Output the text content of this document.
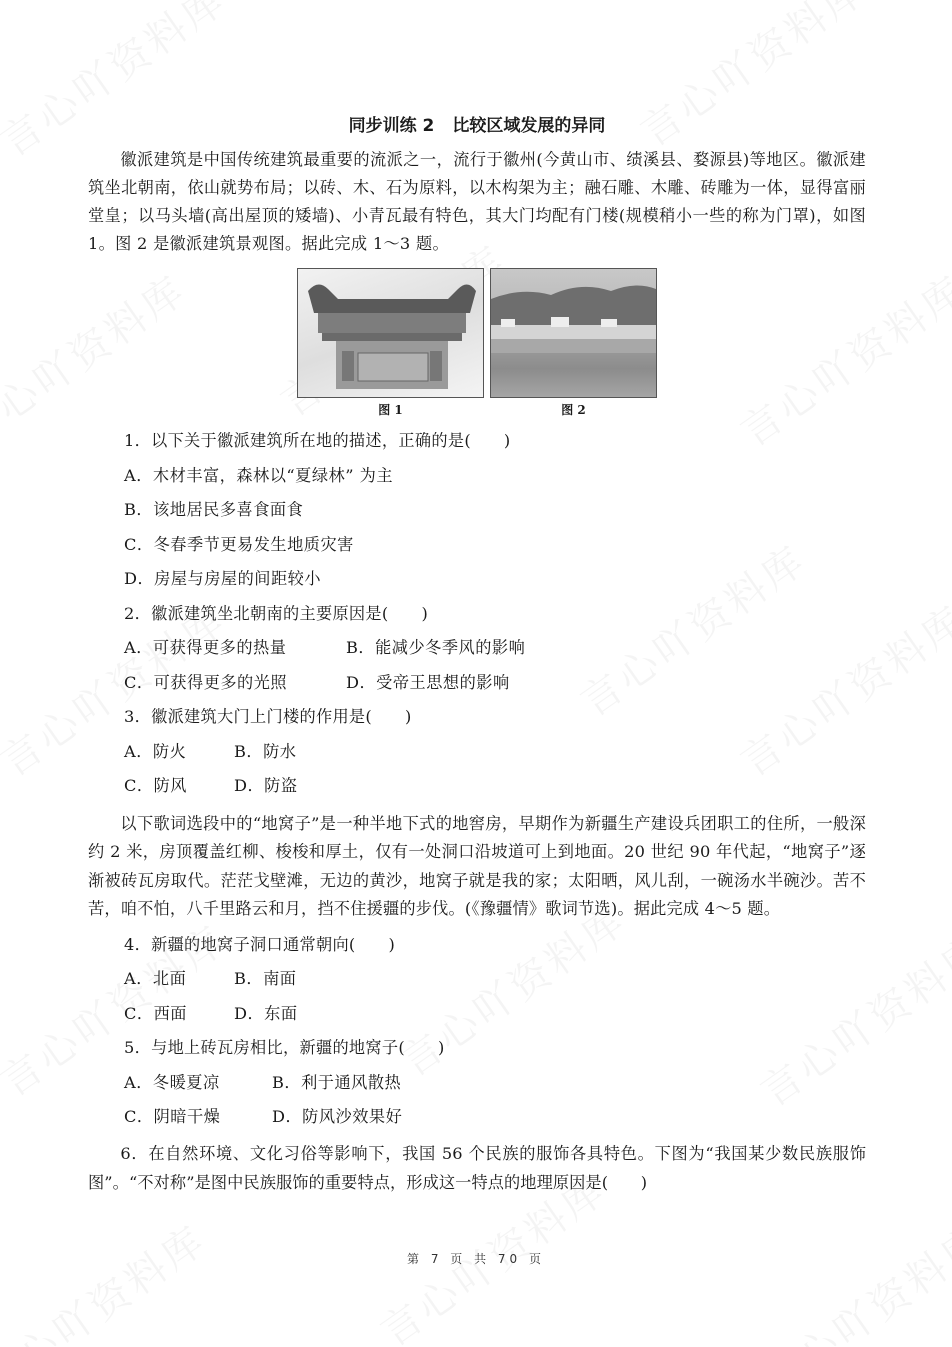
同步训练 2 比较区域发展的异同

徽派建筑是中国传统建筑最重要的流派之一，流行于徽州(今黄山市、绩溪县、婺源县)等地区。徽派建筑坐北朝南，依山就势布局；以砖、木、石为原料，以木构架为主；融石雕、木雕、砖雕为一体，显得富丽堂皇；以马头墙(高出屋顶的矮墙)、小青瓦最有特色，其大门均配有门楼(规模稍小一些的称为门罩)，如图 1。图 2 是徽派建筑景观图。据此完成 1～3 题。

图 1	图 2

1．以下关于徽派建筑所在地的描述，正确的是(　　)

A．木材丰富，森林以“夏绿林” 为主

B．该地居民多喜食面食

C．冬春季节更易发生地质灾害

D．房屋与房屋的间距较小

2．徽派建筑坐北朝南的主要原因是(　　)

A．可获得更多的热量	B．能减少冬季风的影响

C．可获得更多的光照	D．受帝王思想的影响

3．徽派建筑大门上门楼的作用是(　　)

A．防火	B．防水

C．防风	D．防盗

以下歌词选段中的“地窝子”是一种半地下式的地窖房，早期作为新疆生产建设兵团职工的住所，一般深约 2 米，房顶覆盖红柳、梭梭和厚土，仅有一处洞口沿坡道可上到地面。20 世纪 90 年代起，“地窝子”逐渐被砖瓦房取代。茫茫戈壁滩，无边的黄沙，地窝子就是我的家；太阳晒，风儿刮，一碗汤水半碗沙。苦不苦，咱不怕，八千里路云和月，挡不住援疆的步伐。(《豫疆情》歌词节选)。据此完成 4～5 题。

4．新疆的地窝子洞口通常朝向(　　)

A．北面	B．南面

C．西面	D．东面

5．与地上砖瓦房相比，新疆的地窝子(　　)

A．冬暖夏凉	B．利于通风散热

C．阴暗干燥	D．防风沙效果好

6．在自然环境、文化习俗等影响下，我国 56 个民族的服饰各具特色。下图为“我国某少数民族服饰图”。“不对称”是图中民族服饰的重要特点，形成这一特点的地理原因是(　　)

第 7 页 共 70 页
